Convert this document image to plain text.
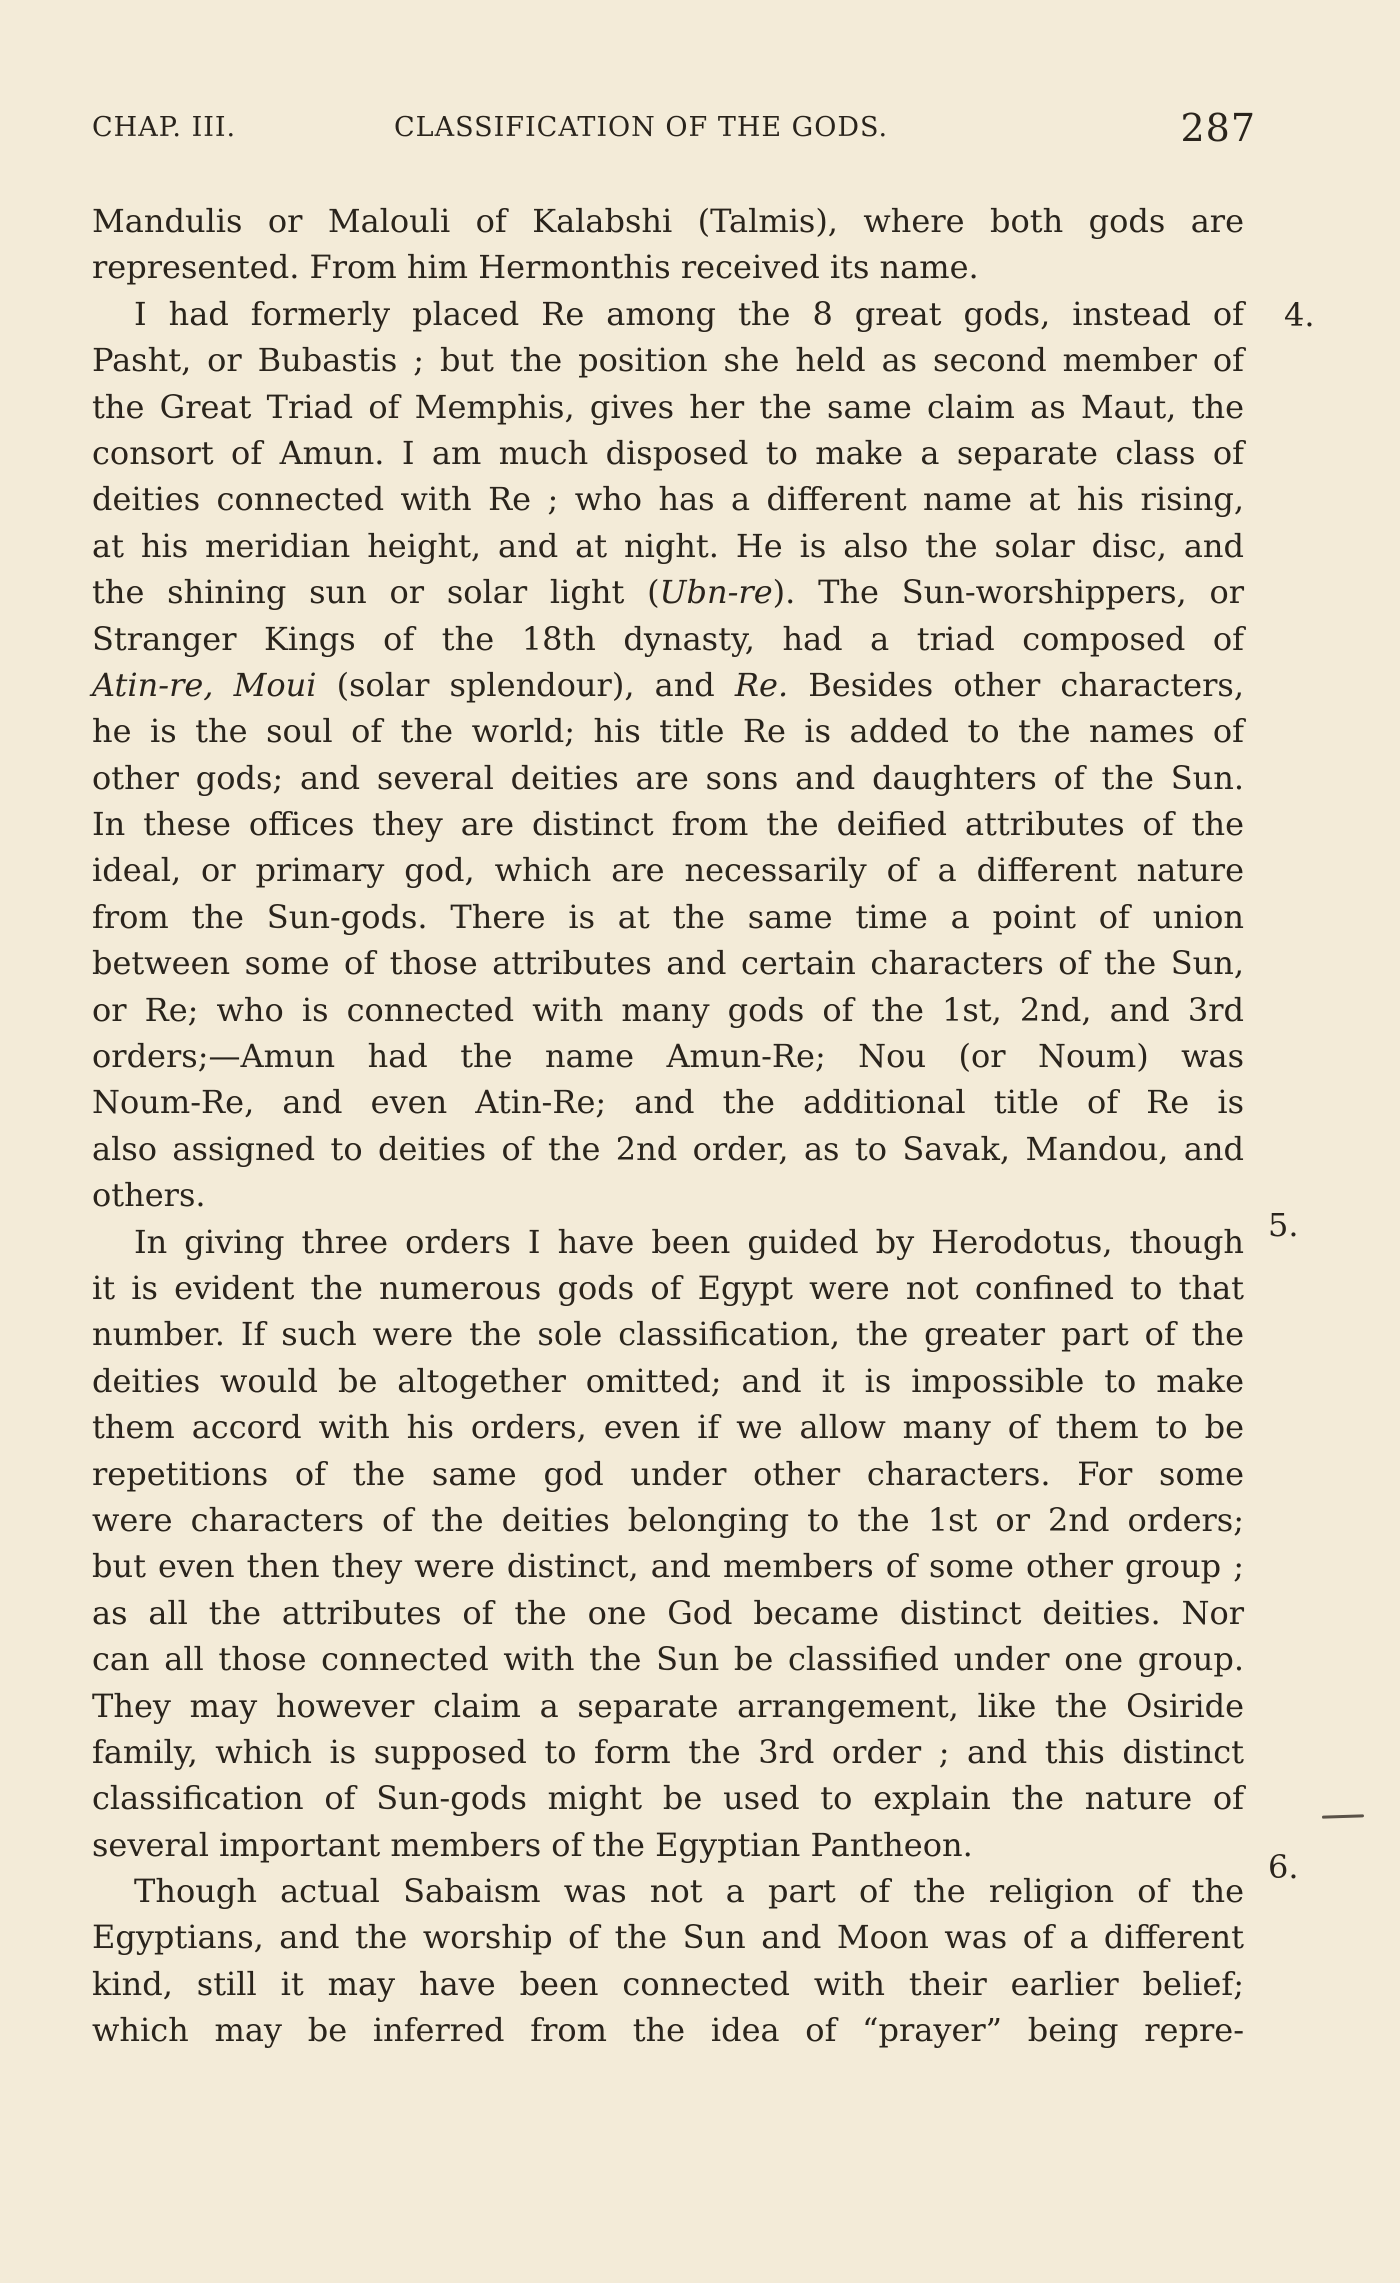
CHAP. III.	CLASSIFICATION OF THE GODS.	287
4.
5.
6.
Mandulis or Malouli of Kalabshi (Talmis), where both gods are
represented. From him Hermonthis received its name.
I had formerly placed Re among the 8 great gods, instead of
Pasht, or Bubastis ; but the position she held as second member of
the Great Triad of Memphis, gives her the same claim as Maut, the
consort of Amun. I am much disposed to make a separate class of
deities connected with Re ; who has a different name at his rising,
at his meridian height, and at night. He is also the solar disc, and
the shining sun or solar light (Ubn-re). The Sun-worshippers, or
Stranger Kings of the 18th dynasty, had a triad composed of
Atin-re, Moui (solar splendour), and Re. Besides other characters,
he is the soul of the world; his title Re is added to the names of
other gods; and several deities are sons and daughters of the Sun.
In these offices they are distinct from the deified attributes of the
ideal, or primary god, which are necessarily of a different nature
from the Sun-gods. There is at the same time a point of union
between some of those attributes and certain characters of the Sun,
or Re; who is connected with many gods of the 1st, 2nd, and 3rd
orders;—Amun had the name Amun-Re; Nou (or Noum) was
Noum-Re, and even Atin-Re; and the additional title of Re is
also assigned to deities of the 2nd order, as to Savak, Mandou, and
others.
In giving three orders I have been guided by Herodotus, though
it is evident the numerous gods of Egypt were not confined to that
number. If such were the sole classification, the greater part of the
deities would be altogether omitted; and it is impossible to make
them accord with his orders, even if we allow many of them to be
repetitions of the same god under other characters. For some
were characters of the deities belonging to the 1st or 2nd orders;
but even then they were distinct, and members of some other group ;
as all the attributes of the one God became distinct deities. Nor
can all those connected with the Sun be classified under one group.
They may however claim a separate arrangement, like the Osiride
family, which is supposed to form the 3rd order ; and this distinct
classification of Sun-gods might be used to explain the nature of
several important members of the Egyptian Pantheon.
Though actual Sabaism was not a part of the religion of the
Egyptians, and the worship of the Sun and Moon was of a different
kind, still it may have been connected with their earlier belief;
which may be inferred from the idea of “prayer” being repre-
